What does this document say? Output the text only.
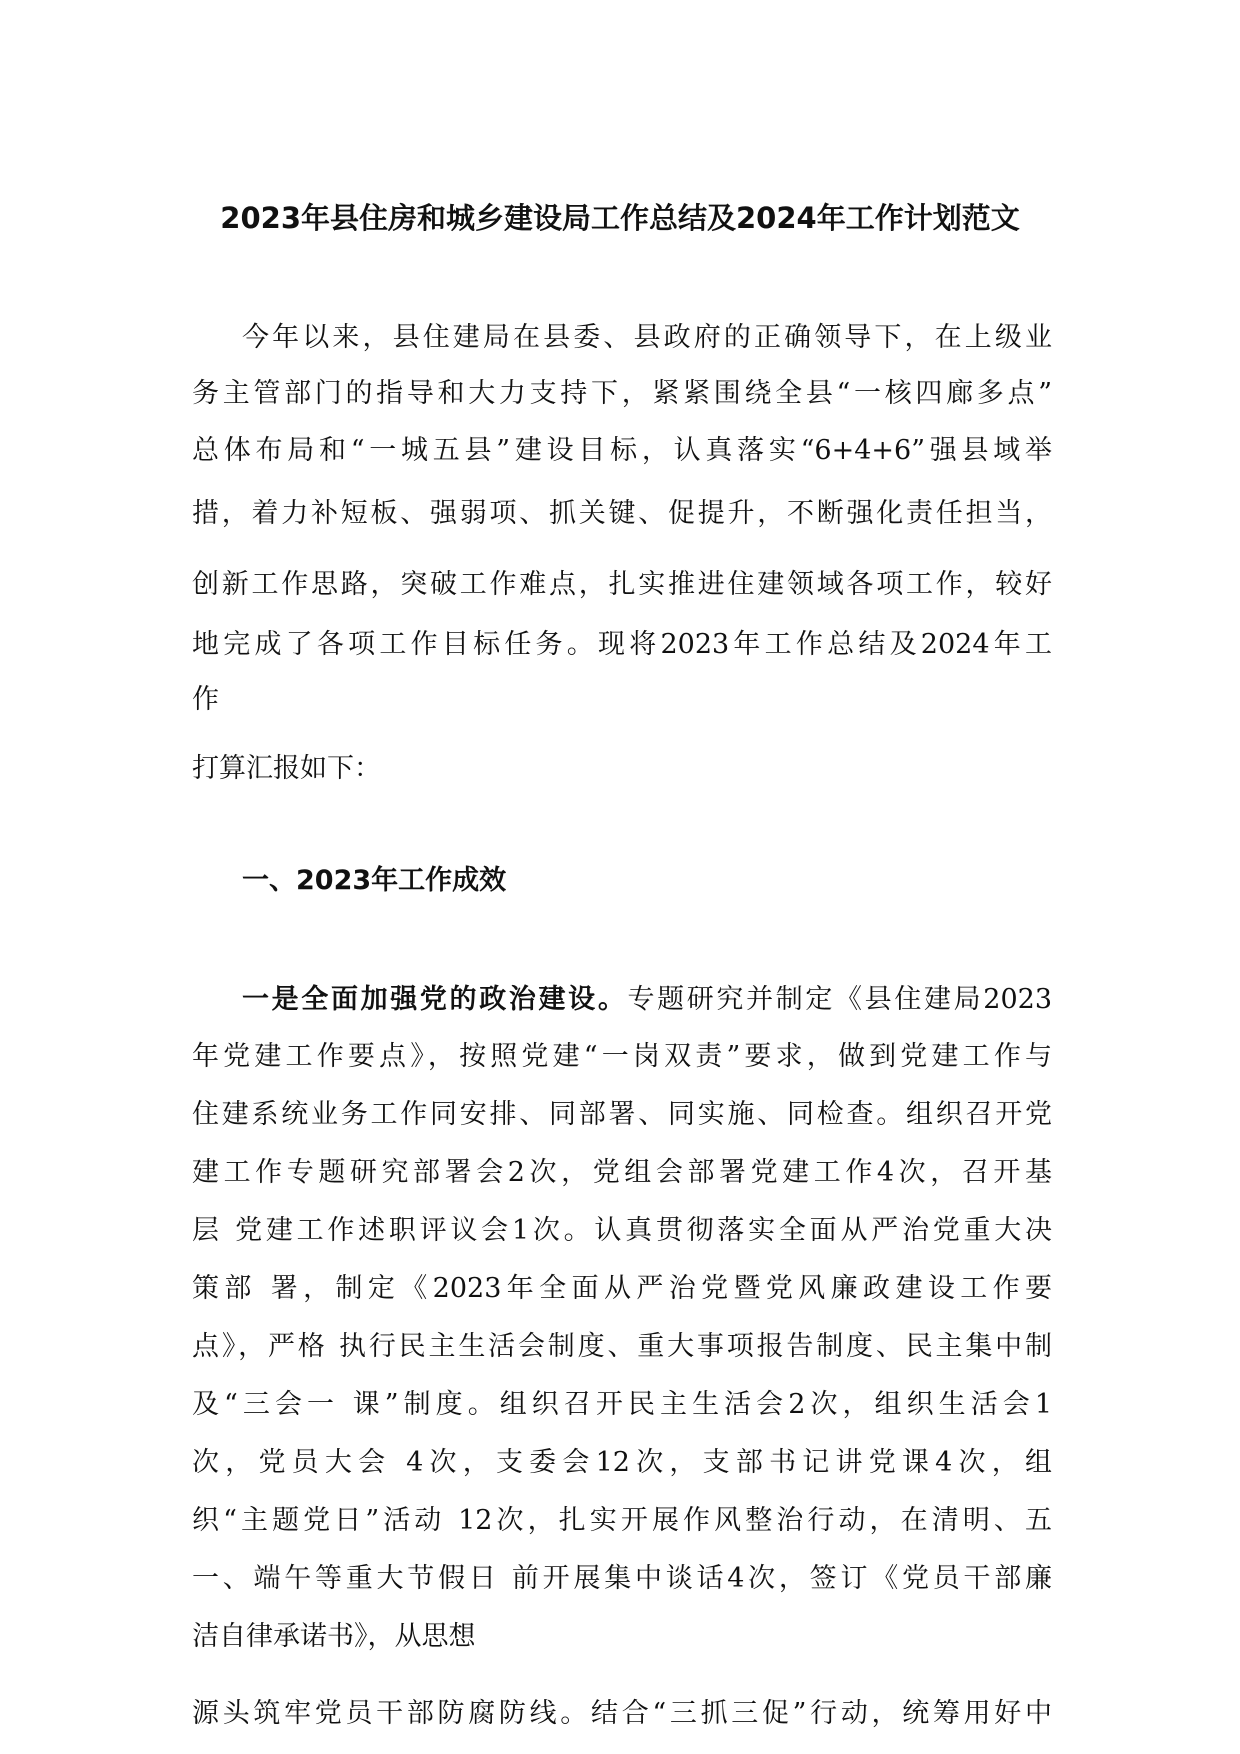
2023年县住房和城乡建设局工作总结及2024年工作计划范文

今年以来，县住建局在县委、县政府的正确领导下，在上级业

务主管部门的指导和大力支持下，紧紧围绕全县“一核四廊多点”

总体布局和“一城五县”建设目标，认真落实“6+4+6”强县域举

措，着力补短板、强弱项、抓关键、促提升，不断强化责任担当，

创新工作思路，突破工作难点，扎实推进住建领域各项工作，较好

地完成了各项工作目标任务。现将2023年工作总结及2024年工

作

打算汇报如下：

一、2023年工作成效

一是全面加强党的政治建设。专题研究并制定《县住建局2023

年党建工作要点》，按照党建“一岗双责”要求，做到党建工作与

住建系统业务工作同安排、同部署、同实施、同检查。组织召开党

建工作专题研究部署会2次，党组会部署党建工作4次，召开基

层 党建工作述职评议会1次。认真贯彻落实全面从严治党重大决

策部 署，制定《2023年全面从严治党暨党风廉政建设工作要

点》，严格 执行民主生活会制度、重大事项报告制度、民主集中制

及“三会一 课”制度。组织召开民主生活会2次，组织生活会1

次，党员大会 4次，支委会12次，支部书记讲党课4次，组

织“主题党日”活动 12次，扎实开展作风整治行动，在清明、五

一、端午等重大节假日 前开展集中谈话4次，签订《党员干部廉

洁自律承诺书》，从思想

源头筑牢党员干部防腐防线。结合“三抓三促”行动，统筹用好中
